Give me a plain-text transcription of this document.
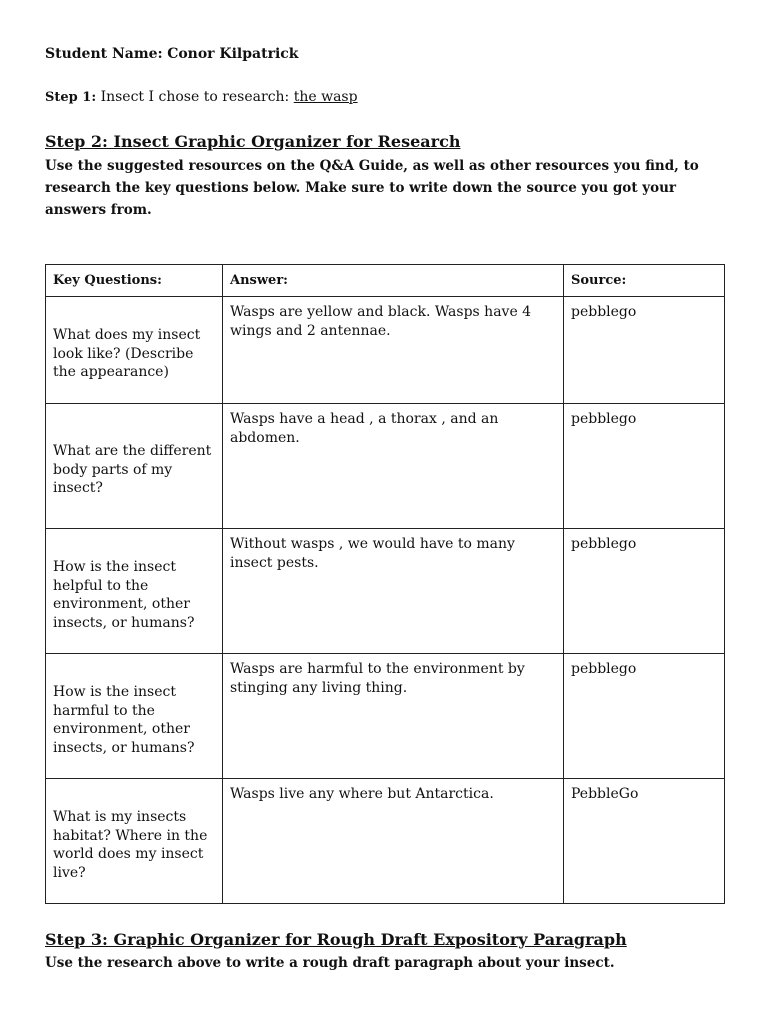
Student Name: Conor Kilpatrick
Step 1: Insect I chose to research: the wasp
Step 2: Insect Graphic Organizer for Research
Use the suggested resources on the Q&A Guide, as well as other resources you find, to research the key questions below. Make sure to write down the source you got your answers from.
Key Questions:	Answer:	Source:

What does my insect look like? (Describe the appearance)	Wasps are yellow and black. Wasps have 4 wings and 2 antennae.	pebblego

What are the different body parts of my insect?	Wasps have a head , a thorax , and an abdomen.	pebblego

How is the insect helpful to the environment, other insects, or humans?	Without wasps , we would have to many insect pests.	pebblego

How is the insect harmful to the environment, other insects, or humans?	Wasps are harmful to the environment by stinging any living thing.	pebblego

What is my insects habitat? Where in the world does my insect live?	Wasps live any where but Antarctica.	PebbleGo
Step 3: Graphic Organizer for Rough Draft Expository Paragraph
Use the research above to write a rough draft paragraph about your insect.
